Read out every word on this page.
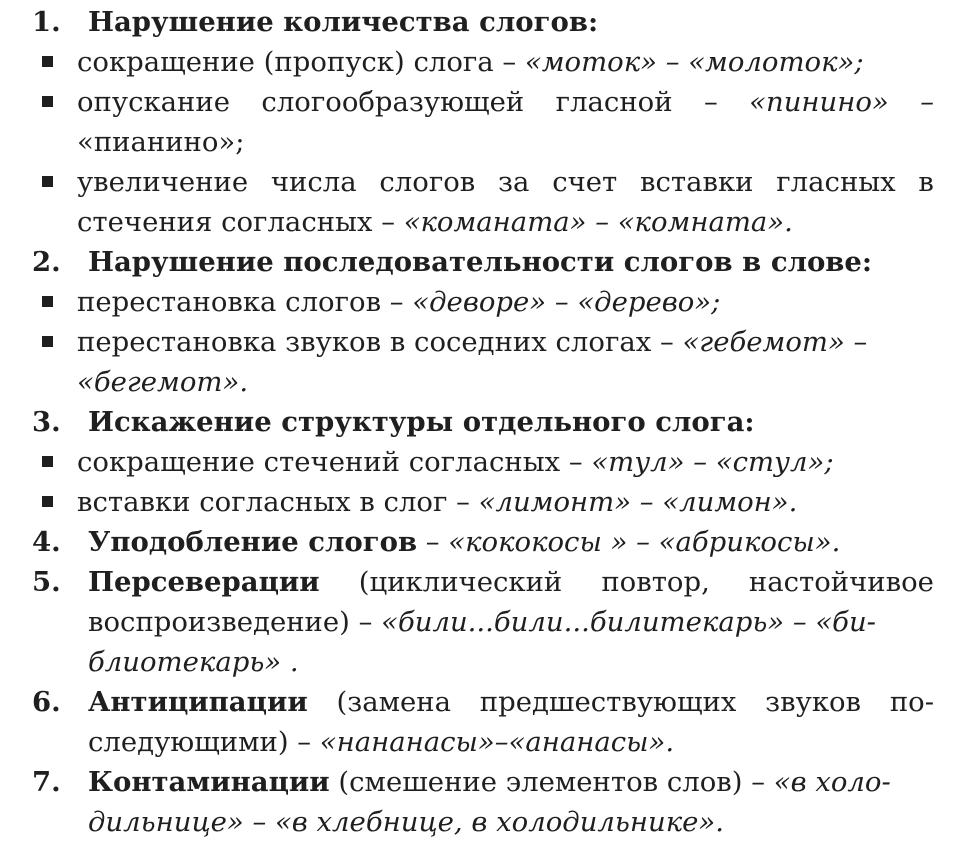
1. Нарушение количества слогов:
сокращение (пропуск) слога – «моток» – «молоток»;
опускание слогообразующей гласной – «пинино» –
«пианино»;
увеличение числа слогов за счет вставки гласных в
стечения согласных – «команата» – «комната».
2. Нарушение последовательности слогов в слове:
перестановка слогов – «деворе» – «дерево»;
перестановка звуков в соседних слогах – «гебемот» –
«бегемот».
3. Искажение структуры отдельного слога:
сокращение стечений согласных – «тул» – «стул»;
вставки согласных в слог – «лимонт» – «лимон».
4. Уподобление слогов – «кококосы » – «абрикосы».
5. Персеверации (циклический повтор, настойчивое
воспроизведение) – «били...били...билитекарь» – «би-
блиотекарь» .
6. Антиципации (замена предшествующих звуков по-
следующими) – «нананасы»–«ананасы».
7. Контаминации (смешение элементов слов) – «в холо-
дильнице» – «в хлебнице, в холодильнике».
